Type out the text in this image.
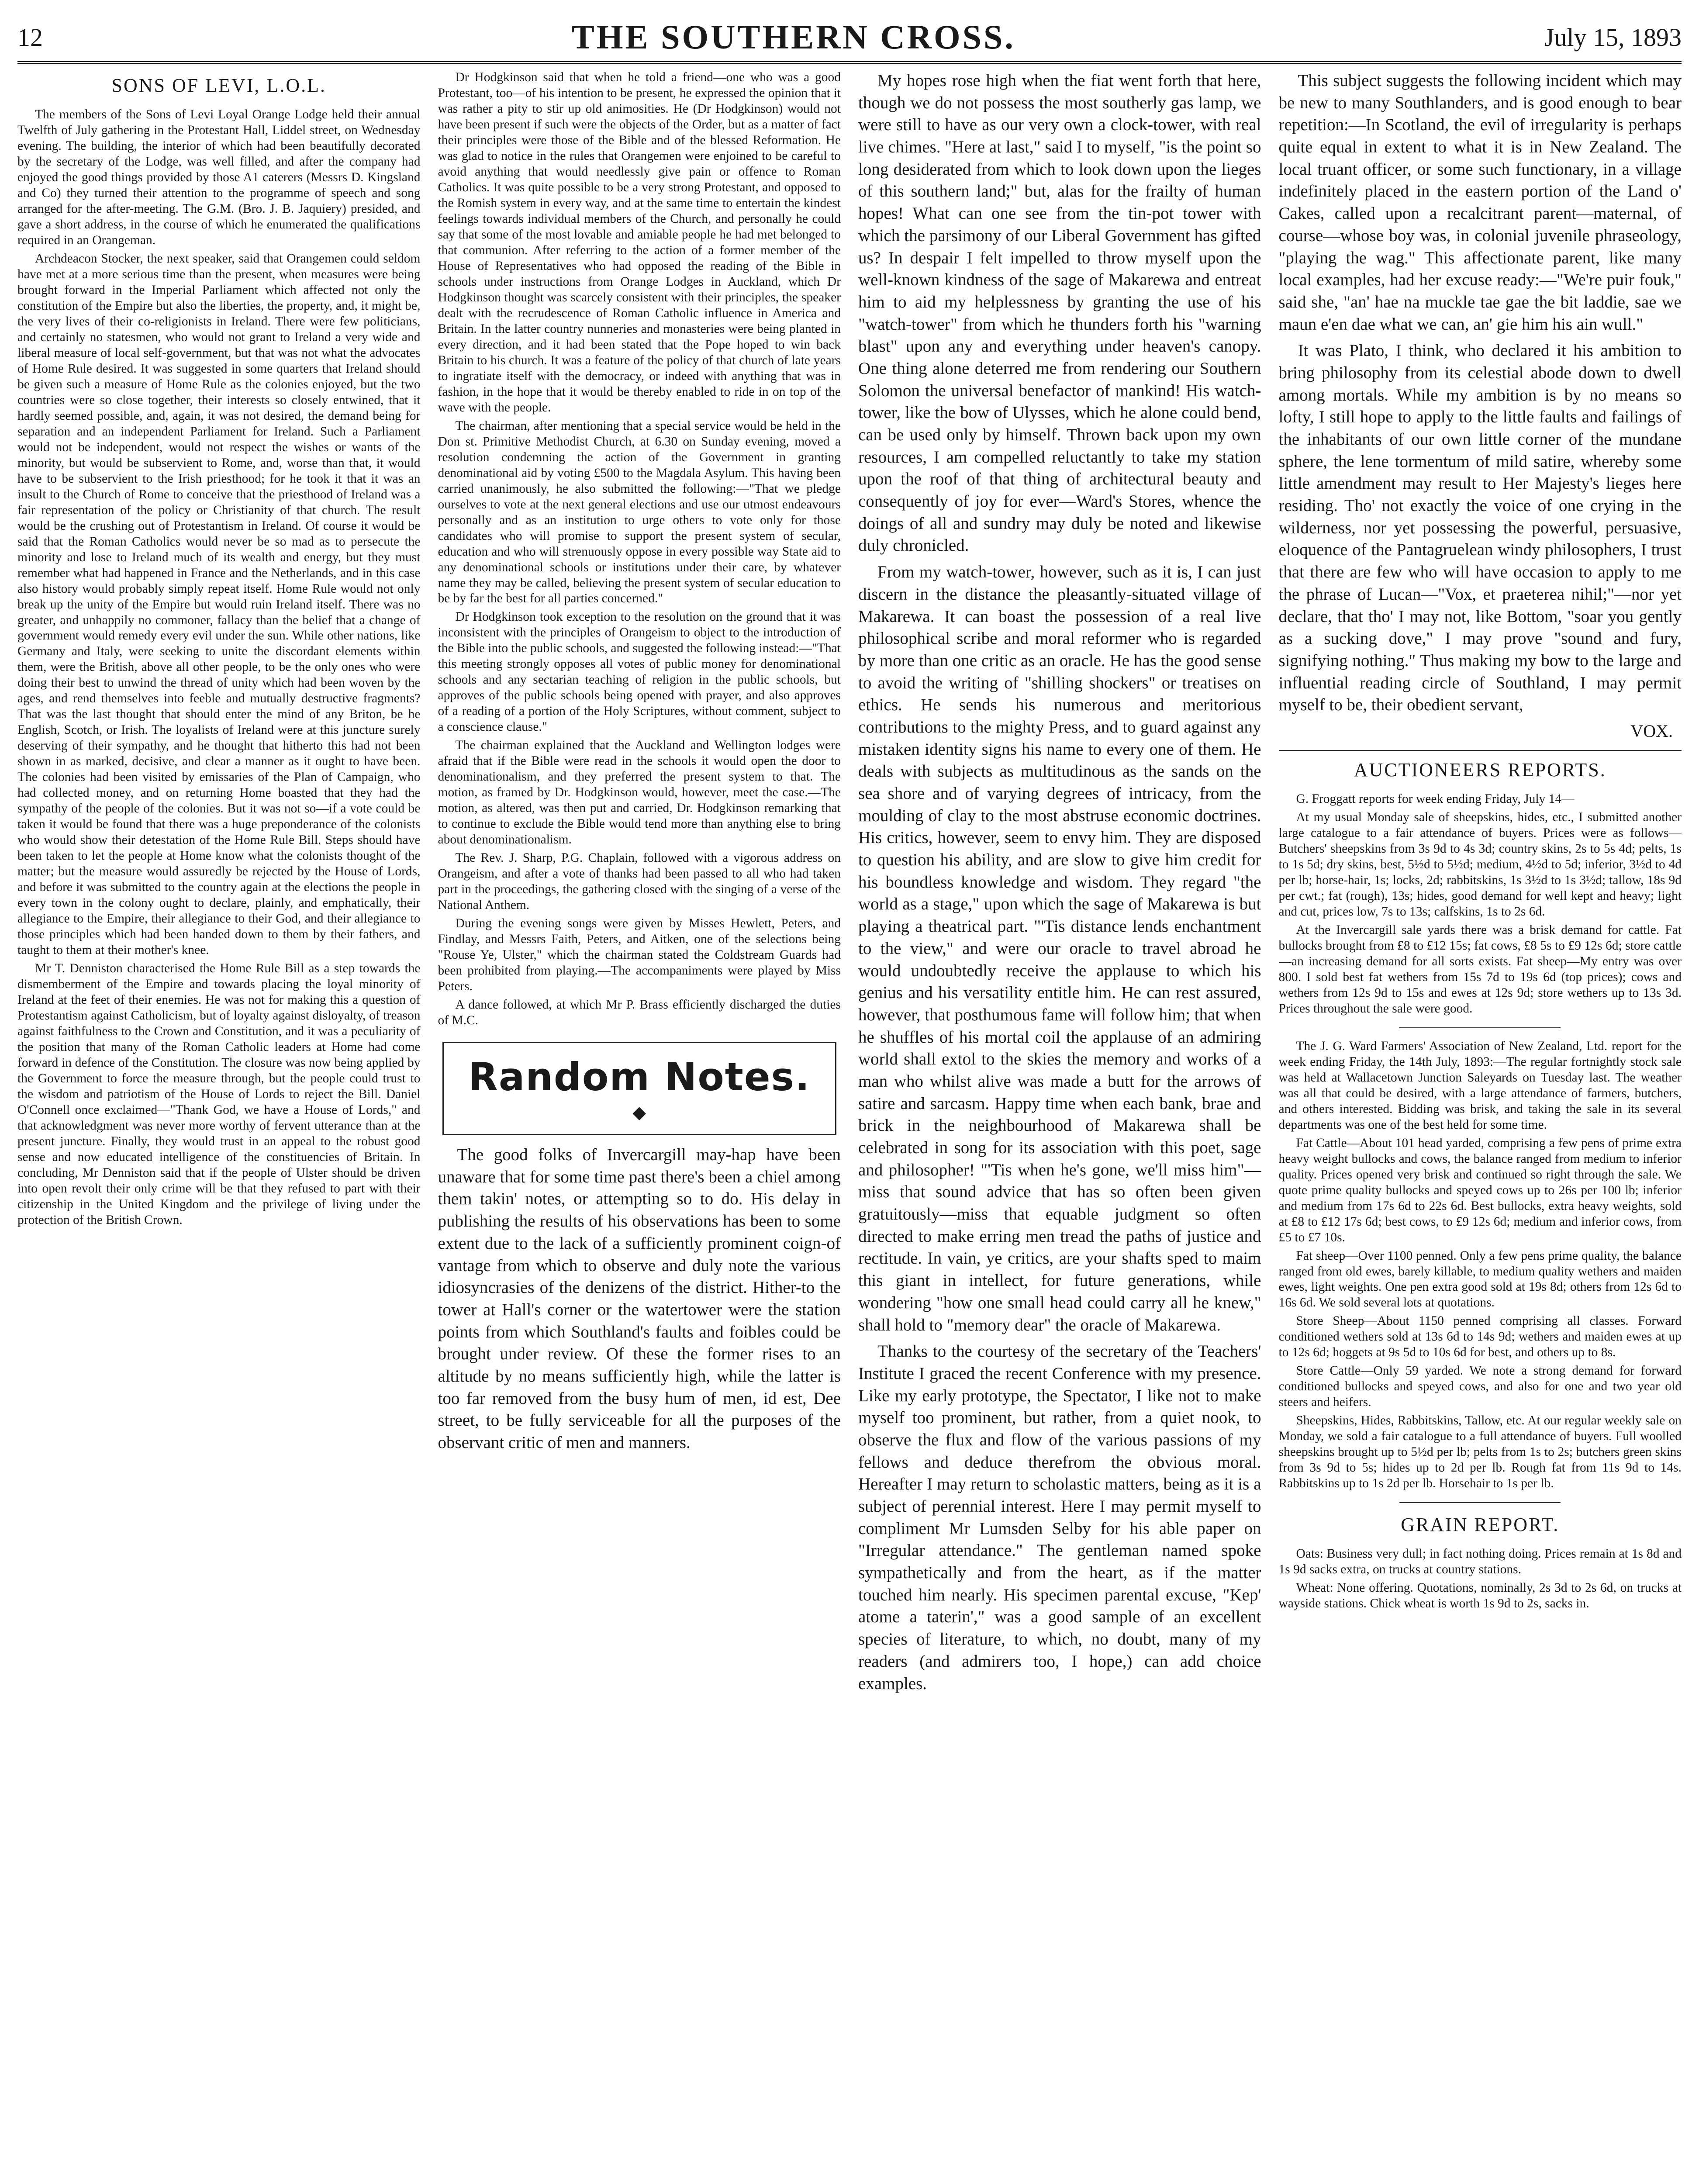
12	THE SOUTHERN CROSS.	July 15, 1893
SONS OF LEVI, L.O.L.

The members of the Sons of Levi Loyal Orange Lodge held their annual Twelfth of July gathering in the Protestant Hall, Liddel street, on Wednesday evening. The building, the interior of which had been beautifully decorated by the secretary of the Lodge, was well filled, and after the company had enjoyed the good things provided by those A1 caterers (Messrs D. Kingsland and Co) they turned their attention to the programme of speech and song arranged for the after-meeting. The G.M. (Bro. J. B. Jaquiery) presided, and gave a short address, in the course of which he enumerated the qualifications required in an Orangeman.

Archdeacon Stocker, the next speaker, said that Orangemen could seldom have met at a more serious time than the present, when measures were being brought forward in the Imperial Parliament which affected not only the constitution of the Empire but also the liberties, the property, and, it might be, the very lives of their co-religionists in Ireland. There were few politicians, and certainly no statesmen, who would not grant to Ireland a very wide and liberal measure of local self-government, but that was not what the advocates of Home Rule desired. It was suggested in some quarters that Ireland should be given such a measure of Home Rule as the colonies enjoyed, but the two countries were so close together, their interests so closely entwined, that it hardly seemed possible, and, again, it was not desired, the demand being for separation and an independent Parliament for Ireland. Such a Parliament would not be independent, would not respect the wishes or wants of the minority, but would be subservient to Rome, and, worse than that, it would have to be subservient to the Irish priesthood; for he took it that it was an insult to the Church of Rome to conceive that the priesthood of Ireland was a fair representation of the policy or Christianity of that church. The result would be the crushing out of Protestantism in Ireland. Of course it would be said that the Roman Catholics would never be so mad as to persecute the minority and lose to Ireland much of its wealth and energy, but they must remember what had happened in France and the Netherlands, and in this case also history would probably simply repeat itself. Home Rule would not only break up the unity of the Empire but would ruin Ireland itself. There was no greater, and unhappily no commoner, fallacy than the belief that a change of government would remedy every evil under the sun. While other nations, like Germany and Italy, were seeking to unite the discordant elements within them, were the British, above all other people, to be the only ones who were doing their best to unwind the thread of unity which had been woven by the ages, and rend themselves into feeble and mutually destructive fragments? That was the last thought that should enter the mind of any Briton, be he English, Scotch, or Irish. The loyalists of Ireland were at this juncture surely deserving of their sympathy, and he thought that hitherto this had not been shown in as marked, decisive, and clear a manner as it ought to have been. The colonies had been visited by emissaries of the Plan of Campaign, who had collected money, and on returning Home boasted that they had the sympathy of the people of the colonies. But it was not so—if a vote could be taken it would be found that there was a huge preponderance of the colonists who would show their detestation of the Home Rule Bill. Steps should have been taken to let the people at Home know what the colonists thought of the matter; but the measure would assuredly be rejected by the House of Lords, and before it was submitted to the country again at the elections the people in every town in the colony ought to declare, plainly, and emphatically, their allegiance to the Empire, their allegiance to their God, and their allegiance to those principles which had been handed down to them by their fathers, and taught to them at their mother's knee.

Mr T. Denniston characterised the Home Rule Bill as a step towards the dismemberment of the Empire and towards placing the loyal minority of Ireland at the feet of their enemies. He was not for making this a question of Protestantism against Catholicism, but of loyalty against disloyalty, of treason against faithfulness to the Crown and Constitution, and it was a peculiarity of the position that many of the Roman Catholic leaders at Home had come forward in defence of the Constitution. The closure was now being applied by the Government to force the measure through, but the people could trust to the wisdom and patriotism of the House of Lords to reject the Bill. Daniel O'Connell once exclaimed—"Thank God, we have a House of Lords," and that acknowledgment was never more worthy of fervent utterance than at the present juncture. Finally, they would trust in an appeal to the robust good sense and now educated intelligence of the constituencies of Britain. In concluding, Mr Denniston said that if the people of Ulster should be driven into open revolt their only crime will be that they refused to part with their citizenship in the United Kingdom and the privilege of living under the protection of the British Crown.

Dr Hodgkinson said that when he told a friend—one who was a good Protestant, too—of his intention to be present, he expressed the opinion that it was rather a pity to stir up old animosities. He (Dr Hodgkinson) would not have been present if such were the objects of the Order, but as a matter of fact their principles were those of the Bible and of the blessed Reformation. He was glad to notice in the rules that Orangemen were enjoined to be careful to avoid anything that would needlessly give pain or offence to Roman Catholics. It was quite possible to be a very strong Protestant, and opposed to the Romish system in every way, and at the same time to entertain the kindest feelings towards individual members of the Church, and personally he could say that some of the most lovable and amiable people he had met belonged to that communion. After referring to the action of a former member of the House of Representatives who had opposed the reading of the Bible in schools under instructions from Orange Lodges in Auckland, which Dr Hodgkinson thought was scarcely consistent with their principles, the speaker dealt with the recrudescence of Roman Catholic influence in America and Britain. In the latter country nunneries and monasteries were being planted in every direction, and it had been stated that the Pope hoped to win back Britain to his church. It was a feature of the policy of that church of late years to ingratiate itself with the democracy, or indeed with anything that was in fashion, in the hope that it would be thereby enabled to ride in on top of the wave with the people.

The chairman, after mentioning that a special service would be held in the Don st. Primitive Methodist Church, at 6.30 on Sunday evening, moved a resolution condemning the action of the Government in granting denominational aid by voting £500 to the Magdala Asylum. This having been carried unanimously, he also submitted the following:—"That we pledge ourselves to vote at the next general elections and use our utmost endeavours personally and as an institution to urge others to vote only for those candidates who will promise to support the present system of secular, education and who will strenuously oppose in every possible way State aid to any denominational schools or institutions under their care, by whatever name they may be called, believing the present system of secular education to be by far the best for all parties concerned."

Dr Hodgkinson took exception to the resolution on the ground that it was inconsistent with the principles of Orangeism to object to the introduction of the Bible into the public schools, and suggested the following instead:—"That this meeting strongly opposes all votes of public money for denominational schools and any sectarian teaching of religion in the public schools, but approves of the public schools being opened with prayer, and also approves of a reading of a portion of the Holy Scriptures, without comment, subject to a conscience clause."

The chairman explained that the Auckland and Wellington lodges were afraid that if the Bible were read in the schools it would open the door to denominationalism, and they preferred the present system to that. The motion, as framed by Dr. Hodgkinson would, however, meet the case.—The motion, as altered, was then put and carried, Dr. Hodgkinson remarking that to continue to exclude the Bible would tend more than anything else to bring about denominationalism.

The Rev. J. Sharp, P.G. Chaplain, followed with a vigorous address on Orangeism, and after a vote of thanks had been passed to all who had taken part in the proceedings, the gathering closed with the singing of a verse of the National Anthem.

During the evening songs were given by Misses Hewlett, Peters, and Findlay, and Messrs Faith, Peters, and Aitken, one of the selections being "Rouse Ye, Ulster," which the chairman stated the Coldstream Guards had been prohibited from playing.—The accompaniments were played by Miss Peters.

A dance followed, at which Mr P. Brass efficiently discharged the duties of M.C.

Random Notes.
◆

The good folks of Invercargill may-hap have been unaware that for some time past there's been a chiel among them takin' notes, or attempting so to do. His delay in publishing the results of his observations has been to some extent due to the lack of a sufficiently prominent coign-of vantage from which to observe and duly note the various idiosyncrasies of the denizens of the district. Hither-to the tower at Hall's corner or the watertower were the station points from which Southland's faults and foibles could be brought under review. Of these the former rises to an altitude by no means sufficiently high, while the latter is too far removed from the busy hum of men, id est, Dee street, to be fully serviceable for all the purposes of the observant critic of men and manners.

My hopes rose high when the fiat went forth that here, though we do not possess the most southerly gas lamp, we were still to have as our very own a clock-tower, with real live chimes. "Here at last," said I to myself, "is the point so long desiderated from which to look down upon the lieges of this southern land;" but, alas for the frailty of human hopes! What can one see from the tin-pot tower with which the parsimony of our Liberal Government has gifted us? In despair I felt impelled to throw myself upon the well-known kindness of the sage of Makarewa and entreat him to aid my helplessness by granting the use of his "watch-tower" from which he thunders forth his "warning blast" upon any and everything under heaven's canopy. One thing alone deterred me from rendering our Southern Solomon the universal benefactor of mankind! His watch-tower, like the bow of Ulysses, which he alone could bend, can be used only by himself. Thrown back upon my own resources, I am compelled reluctantly to take my station upon the roof of that thing of architectural beauty and consequently of joy for ever—Ward's Stores, whence the doings of all and sundry may duly be noted and likewise duly chronicled.

From my watch-tower, however, such as it is, I can just discern in the distance the pleasantly-situated village of Makarewa. It can boast the possession of a real live philosophical scribe and moral reformer who is regarded by more than one critic as an oracle. He has the good sense to avoid the writing of "shilling shockers" or treatises on ethics. He sends his numerous and meritorious contributions to the mighty Press, and to guard against any mistaken identity signs his name to every one of them. He deals with subjects as multitudinous as the sands on the sea shore and of varying degrees of intricacy, from the moulding of clay to the most abstruse economic doctrines. His critics, however, seem to envy him. They are disposed to question his ability, and are slow to give him credit for his boundless knowledge and wisdom. They regard "the world as a stage," upon which the sage of Makarewa is but playing a theatrical part. "'Tis distance lends enchantment to the view," and were our oracle to travel abroad he would undoubtedly receive the applause to which his genius and his versatility entitle him. He can rest assured, however, that posthumous fame will follow him; that when he shuffles of his mortal coil the applause of an admiring world shall extol to the skies the memory and works of a man who whilst alive was made a butt for the arrows of satire and sarcasm. Happy time when each bank, brae and brick in the neighbourhood of Makarewa shall be celebrated in song for its association with this poet, sage and philosopher! "'Tis when he's gone, we'll miss him"—miss that sound advice that has so often been given gratuitously—miss that equable judgment so often directed to make erring men tread the paths of justice and rectitude. In vain, ye critics, are your shafts sped to maim this giant in intellect, for future generations, while wondering "how one small head could carry all he knew," shall hold to "memory dear" the oracle of Makarewa.

Thanks to the courtesy of the secretary of the Teachers' Institute I graced the recent Conference with my presence. Like my early prototype, the Spectator, I like not to make myself too prominent, but rather, from a quiet nook, to observe the flux and flow of the various passions of my fellows and deduce therefrom the obvious moral. Hereafter I may return to scholastic matters, being as it is a subject of perennial interest. Here I may permit myself to compliment Mr Lumsden Selby for his able paper on "Irregular attendance." The gentleman named spoke sympathetically and from the heart, as if the matter touched him nearly. His specimen parental excuse, "Kep' atome a taterin'," was a good sample of an excellent species of literature, to which, no doubt, many of my readers (and admirers too, I hope,) can add choice examples.

This subject suggests the following incident which may be new to many Southlanders, and is good enough to bear repetition:—In Scotland, the evil of irregularity is perhaps quite equal in extent to what it is in New Zealand. The local truant officer, or some such functionary, in a village indefinitely placed in the eastern portion of the Land o' Cakes, called upon a recalcitrant parent—maternal, of course—whose boy was, in colonial juvenile phraseology, "playing the wag." This affectionate parent, like many local examples, had her excuse ready:—"We're puir fouk," said she, "an' hae na muckle tae gae the bit laddie, sae we maun e'en dae what we can, an' gie him his ain wull."

It was Plato, I think, who declared it his ambition to bring philosophy from its celestial abode down to dwell among mortals. While my ambition is by no means so lofty, I still hope to apply to the little faults and failings of the inhabitants of our own little corner of the mundane sphere, the lene tormentum of mild satire, whereby some little amendment may result to Her Majesty's lieges here residing. Tho' not exactly the voice of one crying in the wilderness, nor yet possessing the powerful, persuasive, eloquence of the Pantagruelean windy philosophers, I trust that there are few who will have occasion to apply to me the phrase of Lucan—"Vox, et praeterea nihil;"—nor yet declare, that tho' I may not, like Bottom, "soar you gently as a sucking dove," I may prove "sound and fury, signifying nothing." Thus making my bow to the large and influential reading circle of Southland, I may permit myself to be, their obedient servant,

VOX.
AUCTIONEERS REPORTS.

G. Froggatt reports for week ending Friday, July 14—

At my usual Monday sale of sheepskins, hides, etc., I submitted another large catalogue to a fair attendance of buyers. Prices were as follows—Butchers' sheepskins from 3s 9d to 4s 3d; country skins, 2s to 5s 4d; pelts, 1s to 1s 5d; dry skins, best, 5½d to 5½d; medium, 4½d to 5d; inferior, 3½d to 4d per lb; horse-hair, 1s; locks, 2d; rabbitskins, 1s 3½d to 1s 3½d; tallow, 18s 9d per cwt.; fat (rough), 13s; hides, good demand for well kept and heavy; light and cut, prices low, 7s to 13s; calfskins, 1s to 2s 6d.

At the Invercargill sale yards there was a brisk demand for cattle. Fat bullocks brought from £8 to £12 15s; fat cows, £8 5s to £9 12s 6d; store cattle—an increasing demand for all sorts exists. Fat sheep—My entry was over 800. I sold best fat wethers from 15s 7d to 19s 6d (top prices); cows and wethers from 12s 9d to 15s and ewes at 12s 9d; store wethers up to 13s 3d. Prices throughout the sale were good.

The J. G. Ward Farmers' Association of New Zealand, Ltd. report for the week ending Friday, the 14th July, 1893:—The regular fortnightly stock sale was held at Wallacetown Junction Saleyards on Tuesday last. The weather was all that could be desired, with a large attendance of farmers, butchers, and others interested. Bidding was brisk, and taking the sale in its several departments was one of the best held for some time.

Fat Cattle—About 101 head yarded, comprising a few pens of prime extra heavy weight bullocks and cows, the balance ranged from medium to inferior quality. Prices opened very brisk and continued so right through the sale. We quote prime quality bullocks and speyed cows up to 26s per 100 lb; inferior and medium from 17s 6d to 22s 6d. Best bullocks, extra heavy weights, sold at £8 to £12 17s 6d; best cows, to £9 12s 6d; medium and inferior cows, from £5 to £7 10s.

Fat sheep—Over 1100 penned. Only a few pens prime quality, the balance ranged from old ewes, barely killable, to medium quality wethers and maiden ewes, light weights. One pen extra good sold at 19s 8d; others from 12s 6d to 16s 6d. We sold several lots at quotations.

Store Sheep—About 1150 penned comprising all classes. Forward conditioned wethers sold at 13s 6d to 14s 9d; wethers and maiden ewes at up to 12s 6d; hoggets at 9s 5d to 10s 6d for best, and others up to 8s.

Store Cattle—Only 59 yarded. We note a strong demand for forward conditioned bullocks and speyed cows, and also for one and two year old steers and heifers.

Sheepskins, Hides, Rabbitskins, Tallow, etc. At our regular weekly sale on Monday, we sold a fair catalogue to a full attendance of buyers. Full woolled sheepskins brought up to 5½d per lb; pelts from 1s to 2s; butchers green skins from 3s 9d to 5s; hides up to 2d per lb. Rough fat from 11s 9d to 14s. Rabbitskins up to 1s 2d per lb. Horsehair to 1s per lb.

GRAIN REPORT.

Oats: Business very dull; in fact nothing doing. Prices remain at 1s 8d and 1s 9d sacks extra, on trucks at country stations.

Wheat: None offering. Quotations, nominally, 2s 3d to 2s 6d, on trucks at wayside stations. Chick wheat is worth 1s 9d to 2s, sacks in.
